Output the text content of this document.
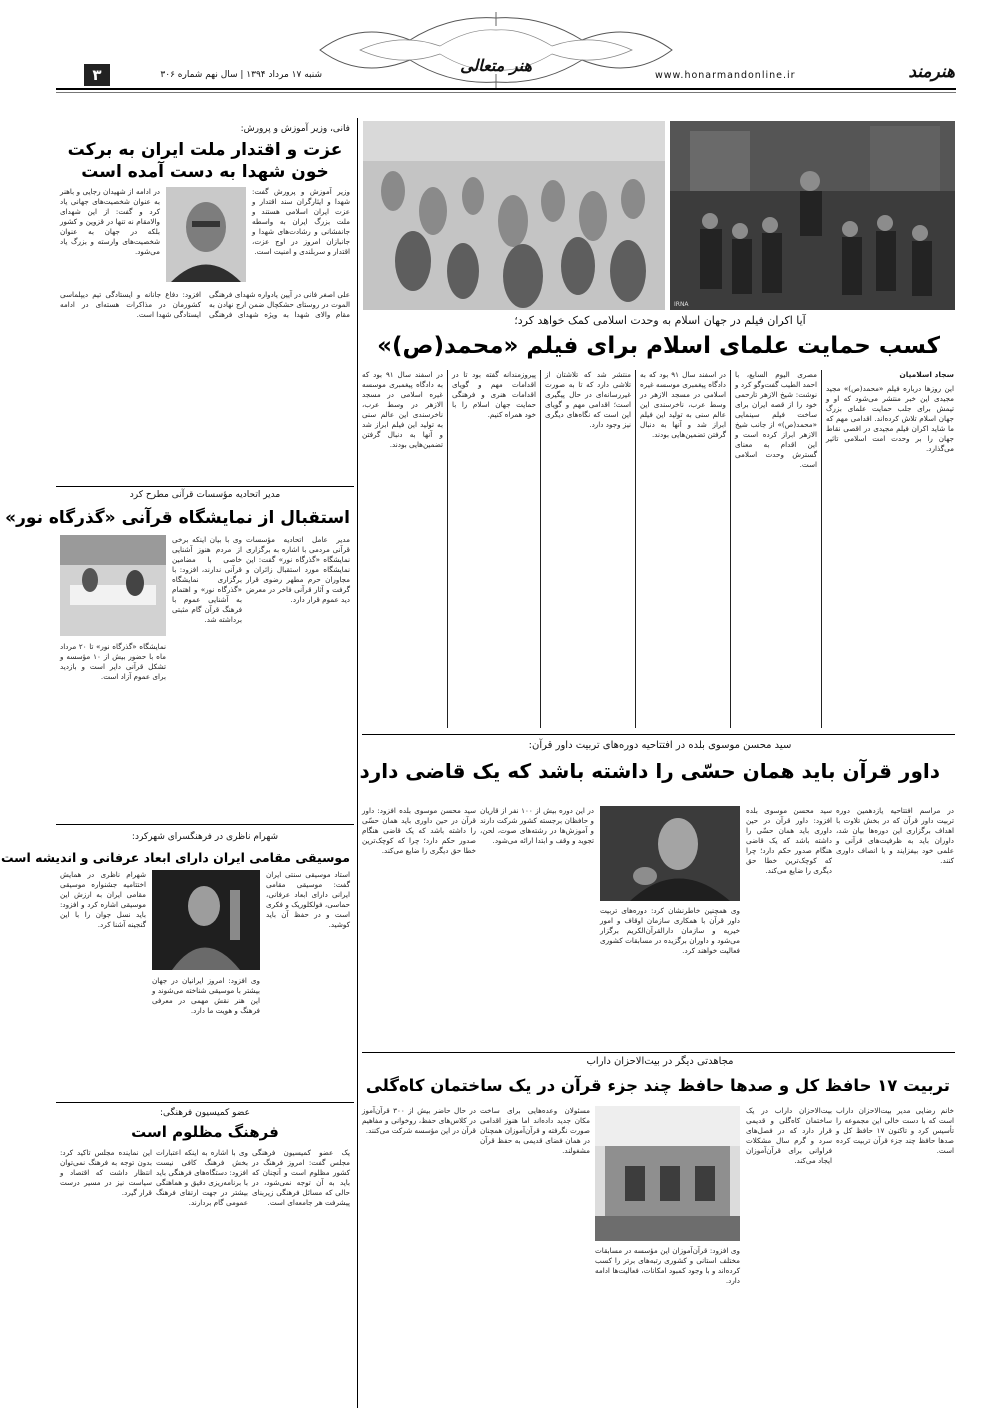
هنر متعالی	هنرمند
www.honarmandonline.ir
شنبه ۱۷ مرداد ۱۳۹۴ | سال نهم شماره ۳۰۶
۳
IRNA
آیا اکران فیلم در جهان اسلام به وحدت اسلامی کمک خواهد کرد؛
کسب حمایت علمای اسلام برای فیلم «محمد(ص)»
سجاد اسلامیان
این روزها درباره فیلم «محمد(ص)» مجید مجیدی این خبر منتشر می‌شود که او و تیمش برای جلب حمایت علمای بزرگ جهان اسلام تلاش کرده‌اند. اقدامی مهم که ما شاید اکران فیلم مجیدی در اقصی نقاط جهان را بر وحدت امت اسلامی تاثیر می‌گذارد.
مصری الیوم السابع، با احمد الطیب گفت‌وگو کرد و نوشت: شیخ الازهر تارحمی خود را از قصه ایران برای ساخت فیلم سینمایی «محمد(ص)» از جانب شیخ الازهر ابراز کرده است و این اقدام به معنای گسترش وحدت اسلامی است.
در اسفند سال ۹۱ بود که به دادگاه پیغمبری موسسه غیره اسلامی در مسجد الازهر در وسط عرب، ناخرسندی این عالم سنی به تولید این فیلم ابراز شد و آنها به دنبال گرفتن تضمین‌هایی بودند.
منتشر شد که تلاشتان از تلاشی دارد که تا به صورت غیررسانه‌ای در حال پیگیری است؛ اقدامی مهم و گویای این است که نگاه‌های دیگری نیز وجود دارد.
پیروزمندانه گفته بود تا در اقدامات مهم و گویای اقدامات هنری و فرهنگی حمایت جهان اسلام را با خود همراه کنیم.
در اسفند سال ۹۱ بود که به دادگاه پیغمبری موسسه غیره اسلامی در مسجد الازهر در وسط عرب، ناخرسندی این عالم سنی به تولید این فیلم ابراز شد و آنها به دنبال گرفتن تضمین‌هایی بودند.
فانی، وزیر آموزش و پرورش:
عزت و اقتدار ملت ایران به برکت خون شهدا به دست آمده است
وزیر آموزش و پرورش گفت: شهدا و ایثارگران سند اقتدار و عزت ایران اسلامی هستند و ملت بزرگ ایران به واسطه جانفشانی و رشادت‌های شهدا و جانبازان امروز در اوج عزت، اقتدار و سربلندی و امنیت است.
در ادامه از شهیدان رجایی و باهنر به عنوان شخصیت‌های جهانی یاد کرد و گفت: از این شهدای والامقام نه تنها در قزوین و کشور بلکه در جهان به عنوان شخصیت‌های وارسته و بزرگ یاد می‌شود.
علی اصغر فانی در آیین یادواره شهدای فرهنگی الموت در روستای حشکچال ضمن ارج نهادن به مقام والای شهدا به ویژه شهدای فرهنگی افزود: دفاع جانانه و ایستادگی تیم دیپلماسی کشورمان در مذاکرات هسته‌ای در ادامه ایستادگی شهدا است.
مدیر اتحادیه مؤسسات قرآنی مطرح کرد
استقبال از نمایشگاه قرآنی «گذرگاه نور»
مدیر عامل اتحادیه مؤسسات قرآنی مردمی با اشاره به برگزاری نمایشگاه «گذرگاه نور» گفت: این نمایشگاه مورد استقبال زائران و مجاوران حرم مطهر رضوی قرار گرفت و آثار قرآنی فاخر در معرض دید عموم قرار دارد.
وی با بیان اینکه برخی از مردم هنوز آشنایی خاصی با مضامین قرآنی ندارند، افزود: با برگزاری نمایشگاه «گذرگاه نور» و اهتمام به آشنایی عموم با فرهنگ قرآن گام مثبتی برداشته شد.
نمایشگاه «گذرگاه نور» تا ۲۰ مرداد ماه با حضور بیش از ۱۰ مؤسسه و تشکل قرآنی دایر است و بازدید برای عموم آزاد است.
شهرام ناظری در فرهنگسرای شهرکرد:
موسیقی مقامی ایران دارای ابعاد عرفانی و اندیشه است
استاد موسیقی سنتی ایران گفت: موسیقی مقامی ایرانی دارای ابعاد عرفانی، حماسی، فولکلوریک و فکری است و در حفظ آن باید کوشید.
شهرام ناظری در همایش اختتامیه جشنواره موسیقی مقامی ایران به ارزش این موسیقی اشاره کرد و افزود: باید نسل جوان را با این گنجینه آشنا کرد.
وی افزود: امروز ایرانیان در جهان بیشتر با موسیقی شناخته می‌شوند و این هنر نقش مهمی در معرفی فرهنگ و هویت ما دارد.
عضو کمیسیون فرهنگی:
فرهنگ مظلوم است
یک عضو کمیسیون فرهنگی مجلس گفت: امروز فرهنگ در کشور مظلوم است و آنچنان که باید به آن توجه نمی‌شود، در حالی که مسائل فرهنگی زیربنای پیشرفت هر جامعه‌ای است.
وی با اشاره به اینکه اعتبارات بخش فرهنگ کافی نیست افزود: دستگاه‌های فرهنگی باید با برنامه‌ریزی دقیق و هماهنگی بیشتر در جهت ارتقای فرهنگ عمومی گام بردارند.
این نماینده مجلس تاکید کرد: بدون توجه به فرهنگ نمی‌توان انتظار داشت که اقتصاد و سیاست نیز در مسیر درست قرار گیرد.
سید محسن موسوی بلده در افتتاحیه دوره‌های تربیت داور قرآن:
داور قرآن باید همان حسّی را داشته باشد که یک قاضی دارد
در مراسم افتتاحیه یازدهمین دوره تربیت داور قرآن که در بخش تلاوت با اهداف برگزاری این دوره‌ها بیان شد، داوران باید به ظرفیت‌های قرآنی و علمی خود بیفزایند و با انصاف داوری کنند.
سید محسن موسوی بلده افزود: داور قرآن در حین داوری باید همان حسّی را داشته باشد که یک قاضی هنگام صدور حکم دارد؛ چرا که کوچک‌ترین خطا حق دیگری را ضایع می‌کند.
وی همچنین خاطرنشان کرد: دوره‌های تربیت داور قرآن با همکاری سازمان اوقاف و امور خیریه و سازمان دارالقرآن‌الکریم برگزار می‌شود و داوران برگزیده در مسابقات کشوری فعالیت خواهند کرد.
در این دوره بیش از ۱۰۰ نفر از قاریان و حافظان برجسته کشور شرکت دارند و آموزش‌ها در رشته‌های صوت، لحن، تجوید و وقف و ابتدا ارائه می‌شود.
سید محسن موسوی بلده افزود: داور قرآن در حین داوری باید همان حسّی را داشته باشد که یک قاضی هنگام صدور حکم دارد؛ چرا که کوچک‌ترین خطا حق دیگری را ضایع می‌کند.
مجاهدتی دیگر در بیت‌الاحزان داراب
تربیت ۱۷ حافظ کل و صدها حافظ چند جزء قرآن در یک ساختمان کاه‌گلی
خانم رضایی مدیر بیت‌الاحزان داراب است که با دست خالی این مجموعه را تأسیس کرد و تاکنون ۱۷ حافظ کل و صدها حافظ چند جزء قرآن تربیت کرده است.
بیت‌الاحزان داراب در یک ساختمان کاه‌گلی و قدیمی قرار دارد که در فصل‌های سرد و گرم سال مشکلات فراوانی برای قرآن‌آموزان ایجاد می‌کند.
وی افزود: قرآن‌آموزان این مؤسسه در مسابقات مختلف استانی و کشوری رتبه‌های برتر را کسب کرده‌اند و با وجود کمبود امکانات، فعالیت‌ها ادامه دارد.
مسئولان وعده‌هایی برای ساخت مکان جدید داده‌اند اما هنوز اقدامی صورت نگرفته و قرآن‌آموزان همچنان در همان فضای قدیمی به حفظ قرآن مشغولند.
در حال حاضر بیش از ۳۰۰ قرآن‌آموز در کلاس‌های حفظ، روخوانی و مفاهیم قرآن در این مؤسسه شرکت می‌کنند.
